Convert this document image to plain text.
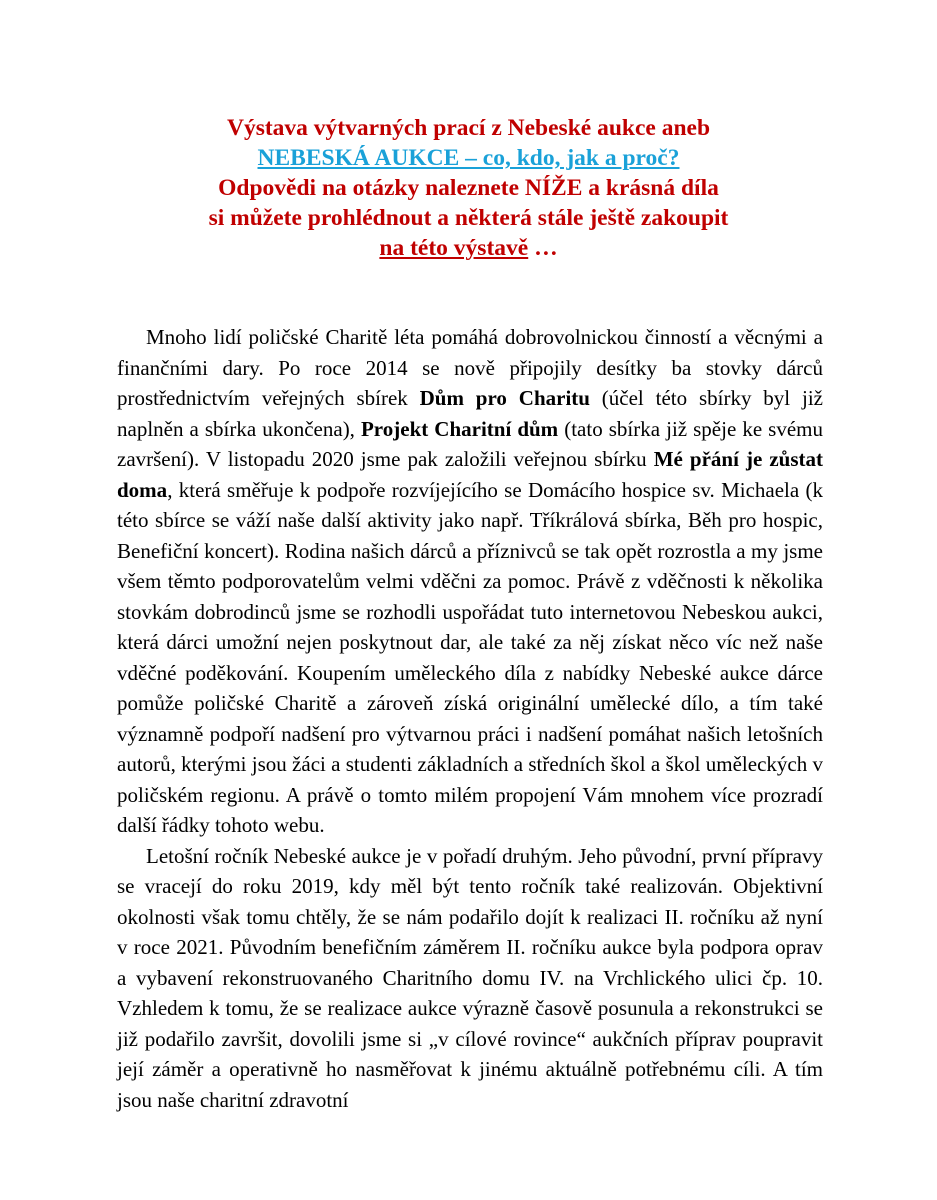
Výstava výtvarných prací z Nebeské aukce aneb
NEBESKÁ AUKCE – co, kdo, jak a proč?
Odpovědi na otázky naleznete NÍŽE a krásná díla
si můžete prohlédnout a některá stále ještě zakoupit
na této výstavě …

Mnoho lidí poličské Charitě léta pomáhá dobrovolnickou činností a věcnými a finančními dary. Po roce 2014 se nově připojily desítky ba stovky dárců prostřednictvím veřejných sbírek Dům pro Charitu (účel této sbírky byl již naplněn a sbírka ukončena), Projekt Charitní dům (tato sbírka již spěje ke svému završení). V listopadu 2020 jsme pak založili veřejnou sbírku Mé přání je zůstat doma, která směřuje k podpoře rozvíjejícího se Domácího hospice sv. Michaela (k této sbírce se váží naše další aktivity jako např. Tříkrálová sbírka, Běh pro hospic, Benefiční koncert). Rodina našich dárců a příznivců se tak opět rozrostla a my jsme všem těmto podporovatelům velmi vděčni za pomoc. Právě z vděčnosti k několika stovkám dobrodinců jsme se rozhodli uspořádat tuto internetovou Nebeskou aukci, která dárci umožní nejen poskytnout dar, ale také za něj získat něco víc než naše vděčné poděkování. Koupením uměleckého díla z nabídky Nebeské aukce dárce pomůže poličské Charitě a zároveň získá originální umělecké dílo, a tím také významně podpoří nadšení pro výtvarnou práci i nadšení pomáhat našich letošních autorů, kterými jsou žáci a studenti základních a středních škol a škol uměleckých v poličském regionu. A právě o tomto milém propojení Vám mnohem více prozradí další řádky tohoto webu.

Letošní ročník Nebeské aukce je v pořadí druhým. Jeho původní, první přípravy se vracejí do roku 2019, kdy měl být tento ročník také realizován. Objektivní okolnosti však tomu chtěly, že se nám podařilo dojít k realizaci II. ročníku až nyní v roce 2021. Původním benefičním záměrem II. ročníku aukce byla podpora oprav a vybavení rekonstruovaného Charitního domu IV. na Vrchlického ulici čp. 10. Vzhledem k tomu, že se realizace aukce výrazně časově posunula a rekonstrukci se již podařilo završit, dovolili jsme si „v cílové rovince“ aukčních příprav poupravit její záměr a operativně ho nasměřovat k jinému aktuálně potřebnému cíli. A tím jsou naše charitní zdravotní
